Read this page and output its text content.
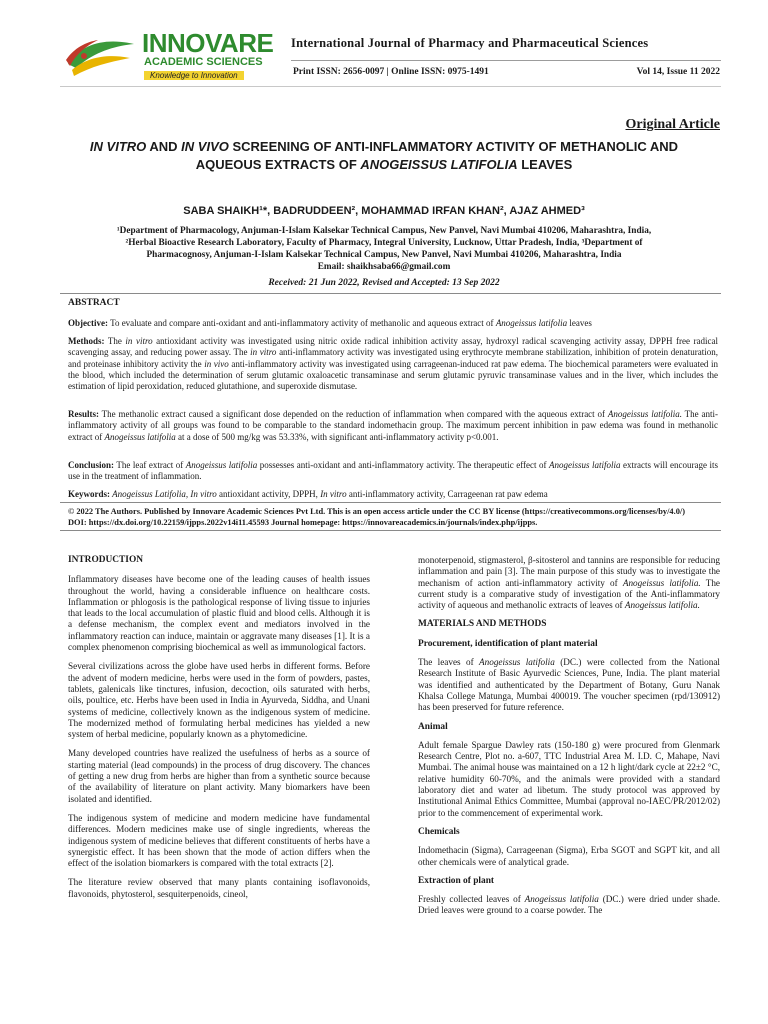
INNOVARE
ACADEMIC SCIENCES
Knowledge to Innovation
International Journal of Pharmacy and Pharmaceutical Sciences
Print ISSN: 2656-0097 | Online ISSN: 0975-1491	Vol 14, Issue 11 2022
Original Article
IN VITRO AND IN VIVO SCREENING OF ANTI-INFLAMMATORY ACTIVITY OF METHANOLIC AND AQUEOUS EXTRACTS OF ANOGEISSUS LATIFOLIA LEAVES
SABA SHAIKH¹*, BADRUDDEEN², MOHAMMAD IRFAN KHAN², AJAZ AHMED³
¹Department of Pharmacology, Anjuman-I-Islam Kalsekar Technical Campus, New Panvel, Navi Mumbai 410206, Maharashtra, India,
²Herbal Bioactive Research Laboratory, Faculty of Pharmacy, Integral University, Lucknow, Uttar Pradesh, India, ³Department of
Pharmacognosy, Anjuman-I-Islam Kalsekar Technical Campus, New Panvel, Navi Mumbai 410206, Maharashtra, India
Email: shaikhsaba66@gmail.com
Received: 21 Jun 2022, Revised and Accepted: 13 Sep 2022
ABSTRACT
Objective: To evaluate and compare anti-oxidant and anti-inflammatory activity of methanolic and aqueous extract of Anogeissus latifolia leaves
Methods: The in vitro antioxidant activity was investigated using nitric oxide radical inhibition activity assay, hydroxyl radical scavenging activity assay, DPPH free radical scavenging assay, and reducing power assay. The in vitro anti-inflammatory activity was investigated using erythrocyte membrane stabilization, inhibition of protein denaturation, and proteinase inhibitory activity the in vivo anti-inflammatory activity was investigated using carrageenan-induced rat paw edema. The biochemical parameters were evaluated in the blood, which included the determination of serum glutamic oxaloacetic transaminase and serum glutamic pyruvic transaminase values and in the liver, which includes the estimation of lipid peroxidation, reduced glutathione, and superoxide dismutase.
Results: The methanolic extract caused a significant dose depended on the reduction of inflammation when compared with the aqueous extract of Anogeissus latifolia. The anti-inflammatory activity of all groups was found to be comparable to the standard indomethacin group. The maximum percent inhibition in paw edema was found in methanolic extract of Anogeissus latifolia at a dose of 500 mg/kg was 53.33%, with significant anti-inflammatory activity p<0.001.
Conclusion: The leaf extract of Anogeissus latifolia possesses anti-oxidant and anti-inflammatory activity. The therapeutic effect of Anogeissus latifolia extracts will encourage its use in the treatment of inflammation.
Keywords: Anogeissus Latifolia, In vitro antioxidant activity, DPPH, In vitro anti-inflammatory activity, Carrageenan rat paw edema
© 2022 The Authors. Published by Innovare Academic Sciences Pvt Ltd. This is an open access article under the CC BY license (https://creativecommons.org/licenses/by/4.0/)
DOI: https://dx.doi.org/10.22159/ijpps.2022v14i11.45593 Journal homepage: https://innovareacademics.in/journals/index.php/ijpps.
INTRODUCTION

Inflammatory diseases have become one of the leading causes of health issues throughout the world, having a considerable influence on healthcare costs. Inflammation or phlogosis is the pathological response of living tissue to injuries that leads to the local accumulation of plastic fluid and blood cells. Although it is a defense mechanism, the complex event and mediators involved in the inflammatory reaction can induce, maintain or aggravate many diseases [1]. It is a complex phenomenon comprising biochemical as well as immunological factors.

Several civilizations across the globe have used herbs in different forms. Before the advent of modern medicine, herbs were used in the form of powders, pastes, tablets, galenicals like tinctures, infusion, decoction, oils saturated with herbs, oils, poultice, etc. Herbs have been used in India in Ayurveda, Siddha, and Unani systems of medicine, collectively known as the indigenous system of medicine. The modernized method of formulating herbal medicines has yielded a new system of herbal medicine, popularly known as a phytomedicine.

Many developed countries have realized the usefulness of herbs as a source of starting material (lead compounds) in the process of drug discovery. The chances of getting a new drug from herbs are higher than from a synthetic source because of the availability of literature on plant activity. Many biomarkers have been isolated and identified.

The indigenous system of medicine and modern medicine have fundamental differences. Modern medicines make use of single ingredients, whereas the indigenous system of medicine believes that different constituents of herbs have a synergistic effect. It has been shown that the mode of action differs when the effect of the isolation biomarkers is compared with the total extracts [2].

The literature review observed that many plants containing isoflavonoids, flavonoids, phytosterol, sesquiterpenoids, cineol,

monoterpenoid, stigmasterol, β-sitosterol and tannins are responsible for reducing inflammation and pain [3]. The main purpose of this study was to investigate the mechanism of action anti-inflammatory activity of Anogeissus latifolia. The current study is a comparative study of investigation of the Anti-inflammatory activity of aqueous and methanolic extracts of leaves of Anogeissus latifolia.

MATERIALS AND METHODS
Procurement, identification of plant material

The leaves of Anogeissus latifolia (DC.) were collected from the National Research Institute of Basic Ayurvedic Sciences, Pune, India. The plant material was identified and authenticated by the Department of Botany, Guru Nanak Khalsa College Matunga, Mumbai 400019. The voucher specimen (rpd/130912) has been preserved for future reference.

Animal

Adult female Spargue Dawley rats (150-180 g) were procured from Glenmark Research Centre, Plot no. a-607, TTC Industrial Area M. I.D. C, Mahape, Navi Mumbai. The animal house was maintained on a 12 h light/dark cycle at 22±2 °C, relative humidity 60-70%, and the animals were provided with a standard laboratory diet and water ad libetum. The study protocol was approved by Institutional Animal Ethics Committee, Mumbai (approval no-IAEC/PR/2012/02) prior to the commencement of experimental work.

Chemicals

Indomethacin (Sigma), Carrageenan (Sigma), Erba SGOT and SGPT kit, and all other chemicals were of analytical grade.

Extraction of plant

Freshly collected leaves of Anogeissus latifolia (DC.) were dried under shade. Dried leaves were ground to a coarse powder. The
